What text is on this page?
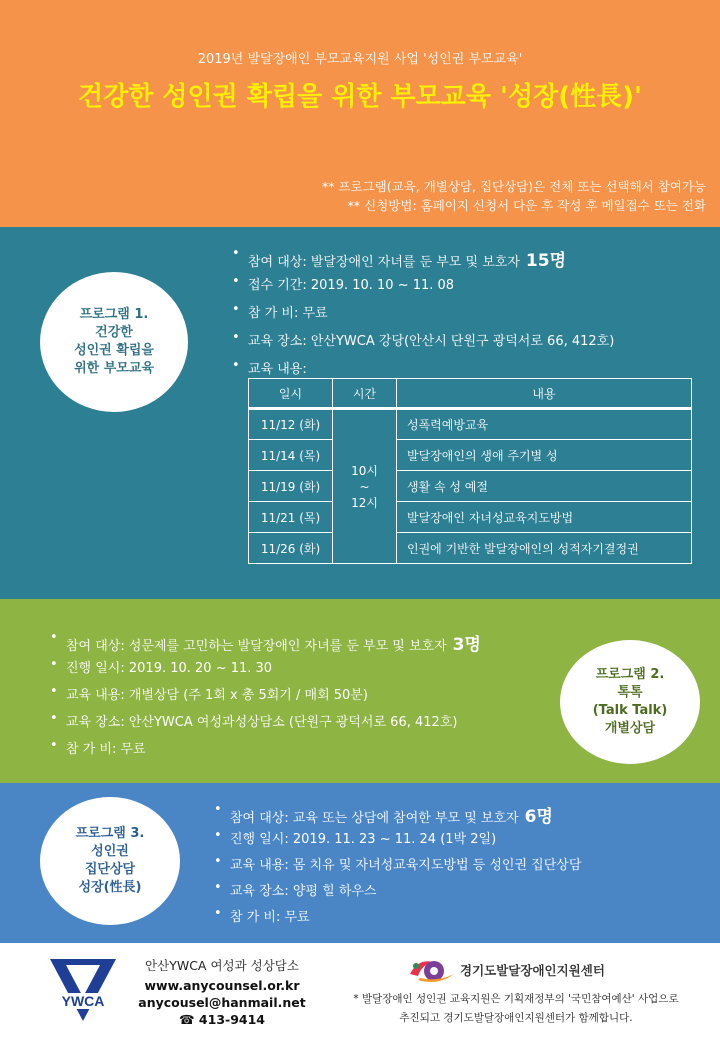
2019년 발달장애인 부모교육지원 사업 '성인권 부모교육'
건강한 성인권 확립을 위한 부모교육 '성장(性長)'
** 프로그램(교육, 개별상담, 집단상담)은 전체 또는 선택해서 참여가능
** 신청방법: 홈페이지 신청서 다운 후 작성 후 메일접수 또는 전화
프로그램 1.
건강한
성인권 확립을
위한 부모교육
• 참여 대상: 발달장애인 자녀를 둔 부모 및 보호자 15명
• 접수 기간: 2019. 10. 10 ~ 11. 08
• 참 가 비: 무료
• 교육 장소: 안산YWCA 강당(안산시 단원구 광덕서로 66, 412호)
• 교육 내용:
일시	시간	내용
11/12 (화)	10시
~
12시	성폭력예방교육
11/14 (목)		발달장애인의 생애 주기별 성
11/19 (화)		생활 속 성 예절
11/21 (목)		발달장애인 자녀성교육지도방법
11/26 (화)		인권에 기반한 발달장애인의 성적자기결정권
• 참여 대상: 성문제를 고민하는 발달장애인 자녀를 둔 부모 및 보호자 3명
• 진행 일시: 2019. 10. 20 ~ 11. 30
• 교육 내용: 개별상담 (주 1회 x 총 5회기 / 매회 50분)
• 교육 장소: 안산YWCA 여성과성상담소 (단원구 광덕서로 66, 412호)
• 참 가 비: 무료
프로그램 2.
톡톡
(Talk Talk)
개별상담
프로그램 3.
성인권
집단상담
성장(性長)
• 참여 대상: 교육 또는 상담에 참여한 부모 및 보호자 6명
• 진행 일시: 2019. 11. 23 ~ 11. 24 (1박 2일)
• 교육 내용: 몸 치유 및 자녀성교육지도방법 등 성인권 집단상담
• 교육 장소: 양평 힐 하우스
• 참 가 비: 무료
YWCA
안산YWCA 여성과 성상담소
www.anycounsel.or.kr
anycousel@hanmail.net
☎ 413-9414
경기도발달장애인지원센터
* 발달장애인 성인권 교육지원은 기획재정부의 '국민참여예산' 사업으로
추진되고 경기도발달장애인지원센터가 함께합니다.
